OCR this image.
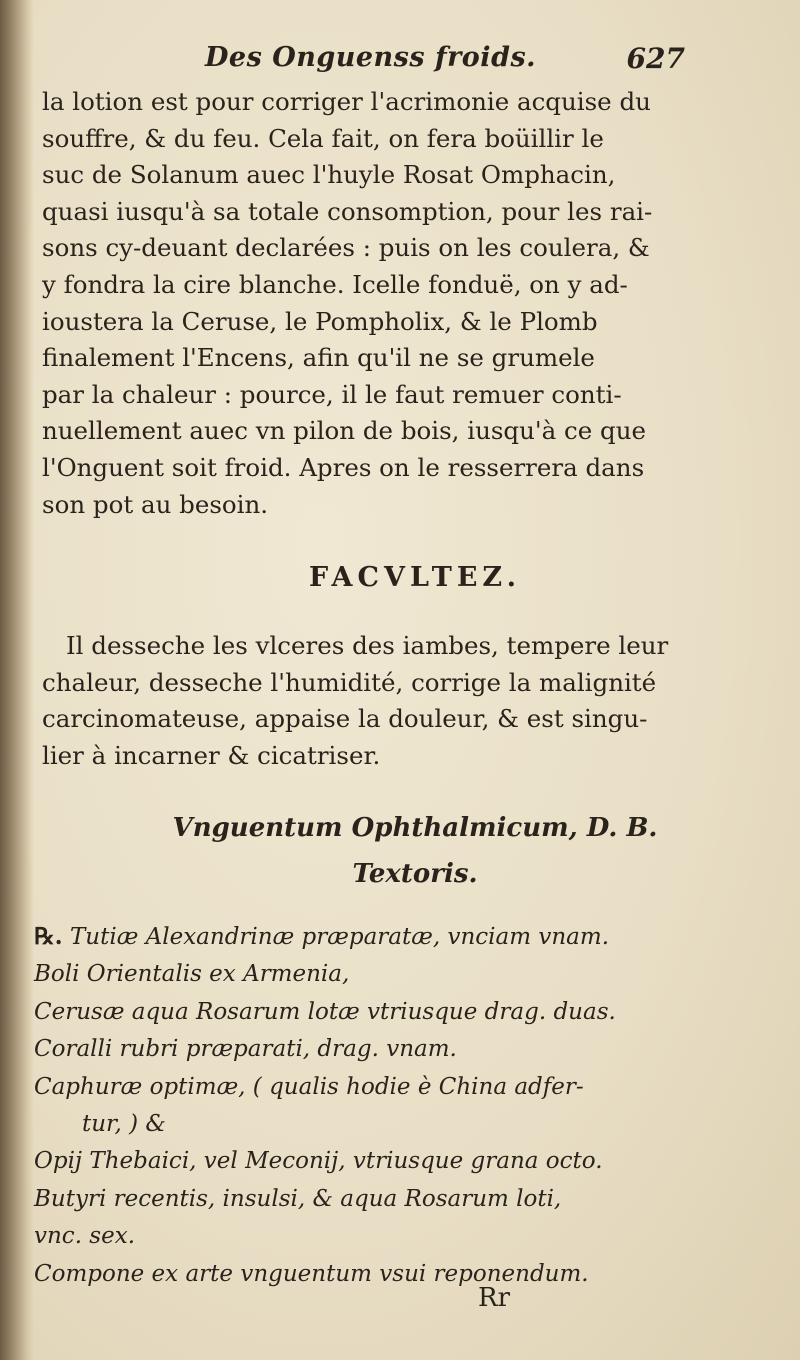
Des Onguenss froids.	627
la lotion est pour corriger l'acrimonie acquise du
souffre, & du feu. Cela fait, on fera boüillir le
suc de Solanum auec l'huyle Rosat Omphacin,
quasi iusqu'à sa totale consomption, pour les rai-
sons cy-deuant declarées : puis on les coulera, &
y fondra la cire blanche. Icelle fonduë, on y ad-
ioustera la Ceruse, le Pompholix, & le Plomb
finalement l'Encens, afin qu'il ne se grumele
par la chaleur : pource, il le faut remuer conti-
nuellement auec vn pilon de bois, iusqu'à ce que
l'Onguent soit froid. Apres on le resserrera dans
son pot au besoin.
FACVLTEZ.
Il desseche les vlceres des iambes, tempere leur
chaleur, desseche l'humidité, corrige la malignité
carcinomateuse, appaise la douleur, & est singu-
lier à incarner & cicatriser.
Vnguentum Ophthalmicum, D. B.
Textoris.
℞. Tutiæ Alexandrinæ præparatæ, vnciam vnam.
Boli Orientalis ex Armenia,
Cerusæ aqua Rosarum lotæ vtriusque drag. duas.
Coralli rubri præparati, drag. vnam.
Caphuræ optimæ, ( qualis hodie è China adfer-
tur, ) &
Opij Thebaici, vel Meconij, vtriusque grana octo.
Butyri recentis, insulsi, & aqua Rosarum loti,
vnc. sex.
Compone ex arte vnguentum vsui reponendum.
Rr
